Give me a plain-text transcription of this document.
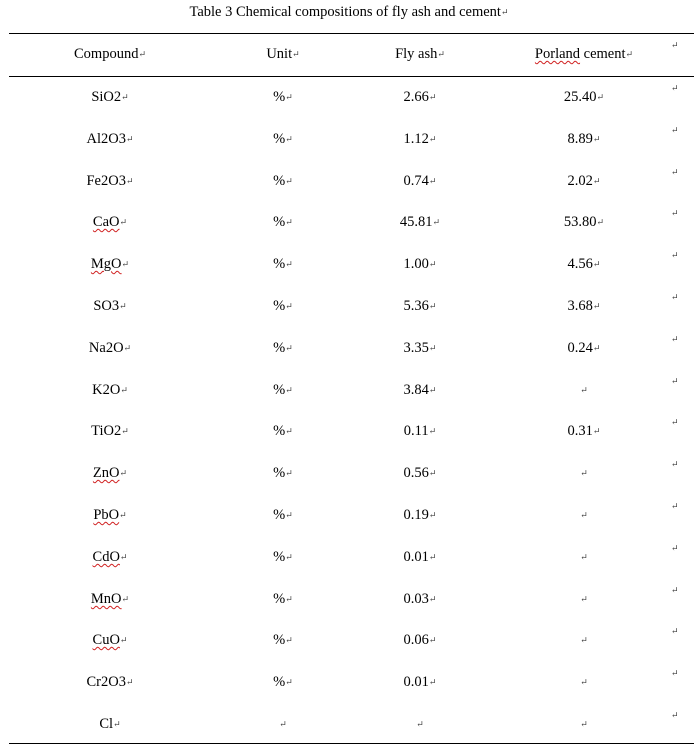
Table 3 Chemical compositions of fly ash and cement↵
Compound↵	Unit↵	Fly ash↵	Porland cement↵
↵
SiO2↵	%↵	2.66↵	25.40↵
↵
Al2O3↵	%↵	1.12↵	8.89↵
↵
Fe2O3↵	%↵	0.74↵	2.02↵
↵
CaO↵	%↵	45.81↵	53.80↵
↵
MgO↵	%↵	1.00↵	4.56↵
↵
SO3↵	%↵	5.36↵	3.68↵
↵
Na2O↵	%↵	3.35↵	0.24↵
↵
K2O↵	%↵	3.84↵	↵
↵
TiO2↵	%↵	0.11↵	0.31↵
↵
ZnO↵	%↵	0.56↵	↵
↵
PbO↵	%↵	0.19↵	↵
↵
CdO↵	%↵	0.01↵	↵
↵
MnO↵	%↵	0.03↵	↵
↵
CuO↵	%↵	0.06↵	↵
↵
Cr2O3↵	%↵	0.01↵	↵
↵
Cl↵	↵	↵	↵
↵
